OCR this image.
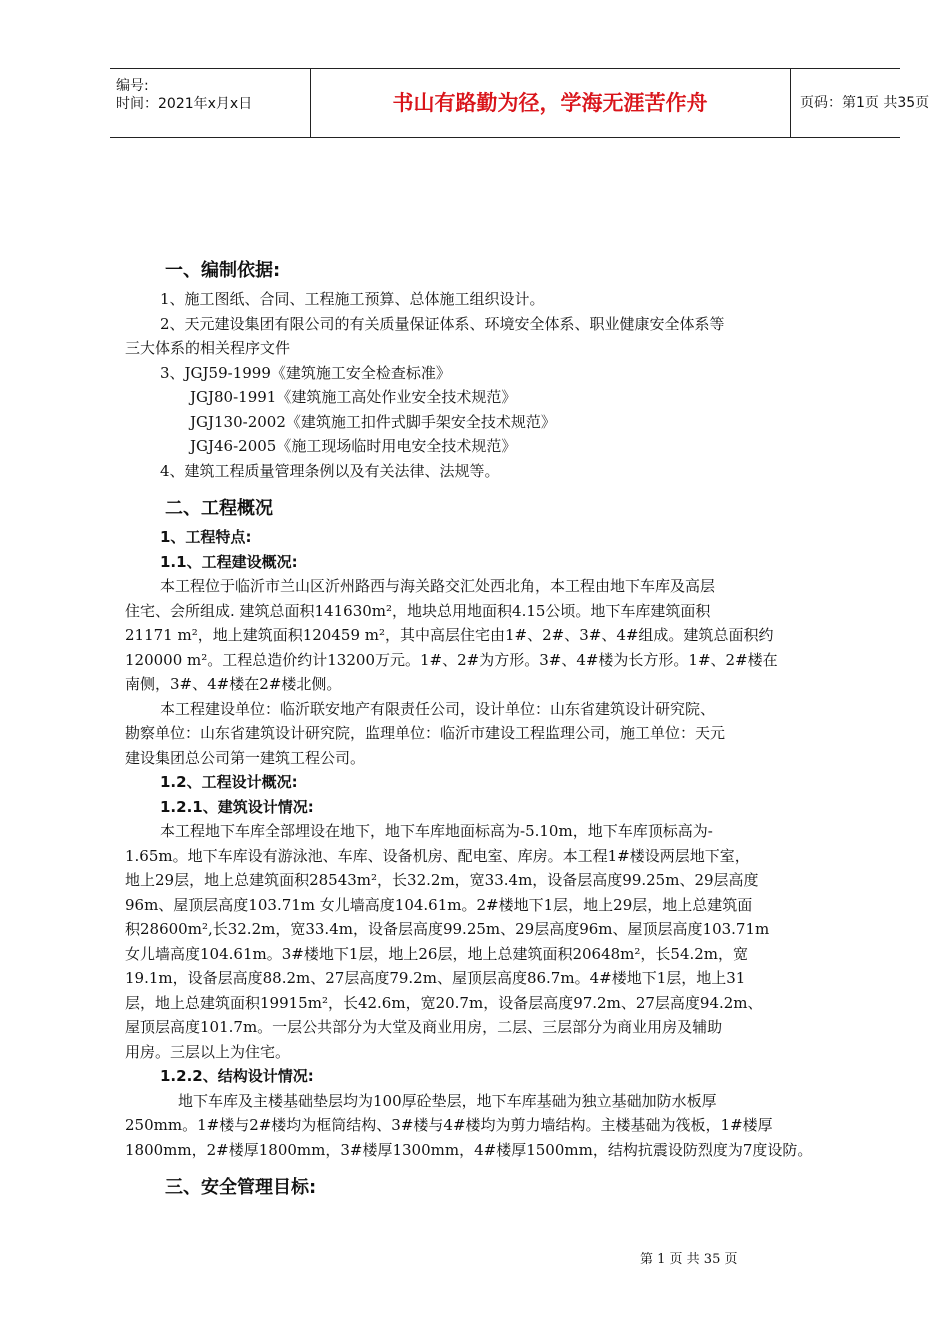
编号:
时间：2021年x月x日	书山有路勤为径，学海无涯苦作舟	页码：第1页 共35页
一、编制依据:
1、施工图纸、合同、工程施工预算、总体施工组织设计。
2、天元建设集团有限公司的有关质量保证体系、环境安全体系、职业健康安全体系等
三大体系的相关程序文件
3、JGJ59-1999《建筑施工安全检查标准》
JGJ80-1991《建筑施工高处作业安全技术规范》
JGJ130-2002《建筑施工扣件式脚手架安全技术规范》
JGJ46-2005《施工现场临时用电安全技术规范》
4、建筑工程质量管理条例以及有关法律、法规等。
二、工程概况
1、工程特点:
1.1、工程建设概况:
本工程位于临沂市兰山区沂州路西与海关路交汇处西北角，本工程由地下车库及高层
住宅、会所组成. 建筑总面积141630m²，地块总用地面积4.15公顷。地下车库建筑面积
21171 m²，地上建筑面积120459 m²，其中高层住宅由1#、2#、3#、4#组成。建筑总面积约
120000 m²。工程总造价约计13200万元。1#、2#为方形。3#、4#楼为长方形。1#、2#楼在
南侧，3#、4#楼在2#楼北侧。
本工程建设单位：临沂联安地产有限责任公司，设计单位：山东省建筑设计研究院、
勘察单位：山东省建筑设计研究院，监理单位：临沂市建设工程监理公司，施工单位：天元
建设集团总公司第一建筑工程公司。
1.2、工程设计概况:
1.2.1、建筑设计情况:
本工程地下车库全部埋设在地下，地下车库地面标高为-5.10m，地下车库顶标高为-
1.65m。地下车库设有游泳池、车库、设备机房、配电室、库房。本工程1#楼设两层地下室，
地上29层，地上总建筑面积28543m²，长32.2m，宽33.4m，设备层高度99.25m、29层高度
96m、屋顶层高度103.71m 女儿墙高度104.61m。2#楼地下1层，地上29层，地上总建筑面
积28600m²,长32.2m，宽33.4m，设备层高度99.25m、29层高度96m、屋顶层高度103.71m
女儿墙高度104.61m。3#楼地下1层，地上26层，地上总建筑面积20648m²，长54.2m，宽
19.1m，设备层高度88.2m、27层高度79.2m、屋顶层高度86.7m。4#楼地下1层，地上31
层，地上总建筑面积19915m²，长42.6m，宽20.7m，设备层高度97.2m、27层高度94.2m、
屋顶层高度101.7m。一层公共部分为大堂及商业用房，二层、三层部分为商业用房及辅助
用房。三层以上为住宅。
1.2.2、结构设计情况:
地下车库及主楼基础垫层均为100厚砼垫层，地下车库基础为独立基础加防水板厚
250mm。1#楼与2#楼均为框筒结构、3#楼与4#楼均为剪力墙结构。主楼基础为筏板，1#楼厚
1800mm，2#楼厚1800mm，3#楼厚1300mm，4#楼厚1500mm，结构抗震设防烈度为7度设防。
三、安全管理目标:
第 1 页 共 35 页
